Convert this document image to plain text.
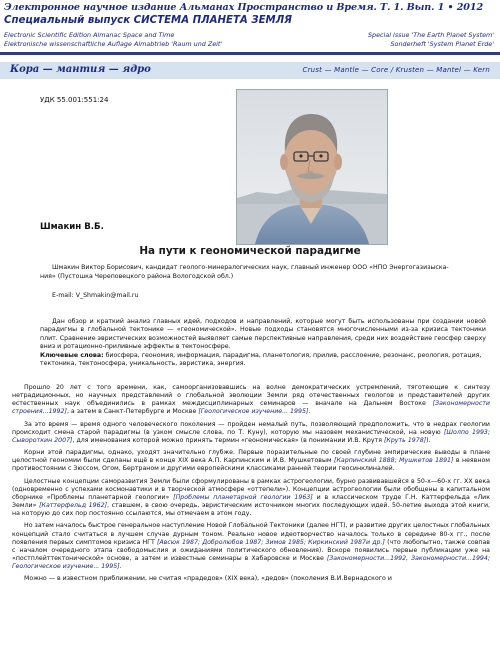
Электронное научное издание Альманах Пространство и Время. Т. 1. Вып. 1 • 2012
Специальный выпуск СИСТЕМА ПЛАНЕТА ЗЕМЛЯ
Electronic Scientific Edition Almanac Space and Time
Elektronische wissenschaftliche Auflage Almabtrieb 'Raum und Zeit'
Special issue 'The Earth Planet System'
Sonderheft 'System Planet Erde'
Кора — мантия — ядро	Crust — Mantle — Core / Krusten — Mantel — Kern
УДК 55.001:551:24
Шмакин В.Б.
На пути к геономической парадигме
Шмакин Виктор Борисович, кандидат геолого-минералогических наук, главный инженер ООО «НПО Энергогазизыска-
ния» (Пустошка Череповецкого района Вологодской обл.)
E-mail: V_Shmakin@mail.ru
Дан обзор и краткий анализ главных идей, подходов и направлений, которые могут быть использованы при создании новой парадигмы в глобальной тектонике — «геономической». Новые подходы становятся многочисленными из-за кризиса тектоники плит. Сравнение эвристических возможностей выявляет самые перспективные направления, среди них воздействие геосфер сверху вниз и ротационно-приливные эффекты в тектоносфере.
Ключевые слова: биосфера, геономия, информация, парадигма, планетология, прилив, расслоение, резонанс, реология, ротация, тектоника, тектоносфера, уникальность, эвристика, энергия.

Прошло 20 лет с того времени, как, самоорганизовавшись на волне демократических устремлений, тяготеющие к синтезу нетрадиционных, но научных представлений о глобальной эволюции Земли ряд отечественных геологов и представителей других естественных наук объединились в рамках междисциплинарных семинаров — вначале на Дальнем Востоке [Закономерности строения...1992], а затем в Санкт-Петербурге и Москве [Геологическое изучение... 1995].

За это время — время одного человеческого поколения — пройден немалый путь, позволяющий предположить, что в недрах геологии происходит смена старой парадигмы (в узком смысле слова, по Т. Куну), которую мы назовем механистической, на новую [Шолпо 1993; Сывороткин 2007], для именования которой можно принять термин «геономическая» (в понимании И.В. Крутя [Круть 1978]).

Корни этой парадигмы, однако, уходят значительно глубже. Первые поразительные по своей глубине эмпирические выводы в плане целостной геономии были сделаны ещё в конце XIX века А.П. Карпинским и И.В. Мушкетовым [Карпинский 1888; Мушкетов 1891] в неявном противостоянии с Зюссом, Огом, Бертраном и другими европейскими классиками ранней теории геосинклиналей.

Целостные концепции саморазвития Земли были сформулированы в рамках астрогеологии, бурно развивавшейся в 50-х—60-х гг. XX века (одновременно с успехами космонавтики и в творческой атмосфере «оттепели»). Концепции астрогеологии были обобщены в капитальном сборнике «Проблемы планетарной геологии» [Проблемы планетарной геологии 1963] и в классическом труде Г.Н. Каттерфельда «Лик Земли» [Каттерфельд 1962], ставшем, в свою очередь, эвристическим источником многих последующих идей. 50-летие выхода этой книги, на которую до сих пор постоянно ссылаются, мы отмечаем в этом году.

Но затем началось быстрое генеральное наступление Новой Глобальной Тектоники (далее НГТ), и развитие других целостных глобальных концепций стало считаться в лучшем случае дурным тоном. Реально новое идеотворчество началось только в середине 80-х гг., после появления первых симптомов кризиса НГТ [Авсюк 1987; Добролюбов 1987; Зимов 1985; Киркинский 1987и др.] (что любопытно, также совпав с началом очередного этапа свободомыслия и ожиданиями политического обновления). Вскоре появились первые публикации уже на «постплейттектонической» основе, а затем и известные семинары в Хабаровске и Москве [Закономерности...1992, Закономерности...1994; Геологическое изучение... 1995].

Можно — в известном приближении, не считая «прадедов» (XIX века), «дедов» (поколения В.И.Вернадского и
